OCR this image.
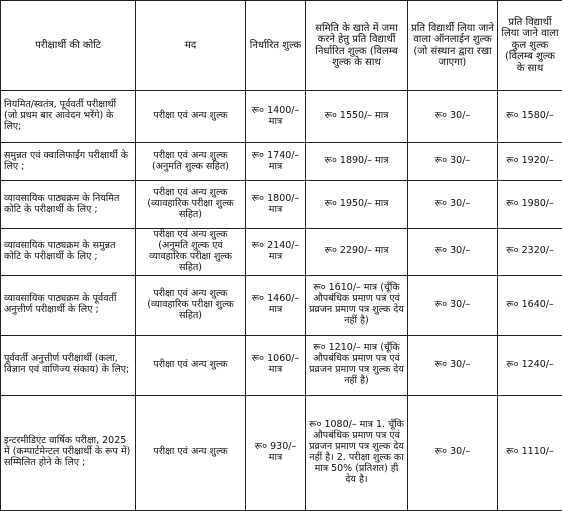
परीक्षार्थी की कोटि	मद	निर्धारित शुल्क	समिति के खाते में जमा करने हेतु प्रति विद्यार्थी निर्धारित शुल्क (विलम्ब शुल्क के साथ	प्रति विद्यार्थी लिया जाने वाला ऑनलाईन शुल्क (जो संस्थान द्वारा रखा जाएगा)	प्रति विद्यार्थी लिया जाने वाला कुल शुल्क (विलम्ब शुल्क के साथ
नियमित/स्वतंत्र, पूर्ववर्ती परीक्षार्थी (जो प्रथम बार आवेदन भरेंगे) के लिए;	परीक्षा एवं अन्य शुल्क	रू० 1400/– मात्र	रू० 1550/– मात्र	रू० 30/–	रू० 1580/–
समुन्नत एवं क्वालिफाईंग परीक्षार्थी के लिए ;	परीक्षा एवं अन्य शुल्क (अनुमति शुल्क सहित)	रू० 1740/– मात्र	रू० 1890/– मात्र	रू० 30/–	रू० 1920/–
व्यावसायिक पाठ्यक्रम के नियमित कोटि के परीक्षार्थी के लिए ;	परीक्षा एवं अन्य शुल्क (व्यावहारिक परीक्षा शुल्क सहित)	रू० 1800/– मात्र	रू० 1950/– मात्र	रू० 30/–	रू० 1980/–
व्यावसायिक पाठ्यक्रम के समुन्नत कोटि के परीक्षार्थी के लिए ;	परीक्षा एवं अन्य शुल्क (अनुमति शुल्क एवं व्यावहारिक परीक्षा शुल्क सहित)	रू० 2140/– मात्र	रू० 2290/– मात्र	रू० 30/–	रू० 2320/–
व्यावसायिक पाठ्यक्रम के पूर्ववर्ती अनुत्तीर्ण परीक्षार्थी के लिए ;	परीक्षा एवं अन्य शुल्क (व्यावहारिक परीक्षा शुल्क सहित)	रू० 1460/– मात्र	रू० 1610/– मात्र (चूँकि औपबंधिक प्रमाण पत्र एवं प्रव्रजन प्रमाण पत्र शुल्क देय नहीं है)	रू० 30/–	रू० 1640/–
पूर्ववर्ती अनुत्तीर्ण परीक्षार्थी (कला, विज्ञान एवं वाणिज्य संकाय) के लिए;	परीक्षा एवं अन्य शुल्क	रू० 1060/– मात्र	रू० 1210/– मात्र (चूँकि औपबंधिक प्रमाण पत्र एवं प्रव्रजन प्रमाण पत्र शुल्क देय नहीं है)	रू० 30/–	रू० 1240/–
इन्टरमीडिएट वार्षिक परीक्षा, 2025 में (कम्पार्टमेन्टल परीक्षार्थी के रूप में) सम्मिलित होने के लिए ;	परीक्षा एवं अन्य शुल्क	रू० 930/– मात्र	रू० 1080/– मात्र 1. चूँकि औपबंधिक प्रमाण पत्र एवं प्रव्रजन प्रमाण पत्र शुल्क देय नहीं है। 2. परीक्षा शुल्क का मात्र 50% (प्रतिशत) ही देय है।	रू० 30/–	रू० 1110/–
